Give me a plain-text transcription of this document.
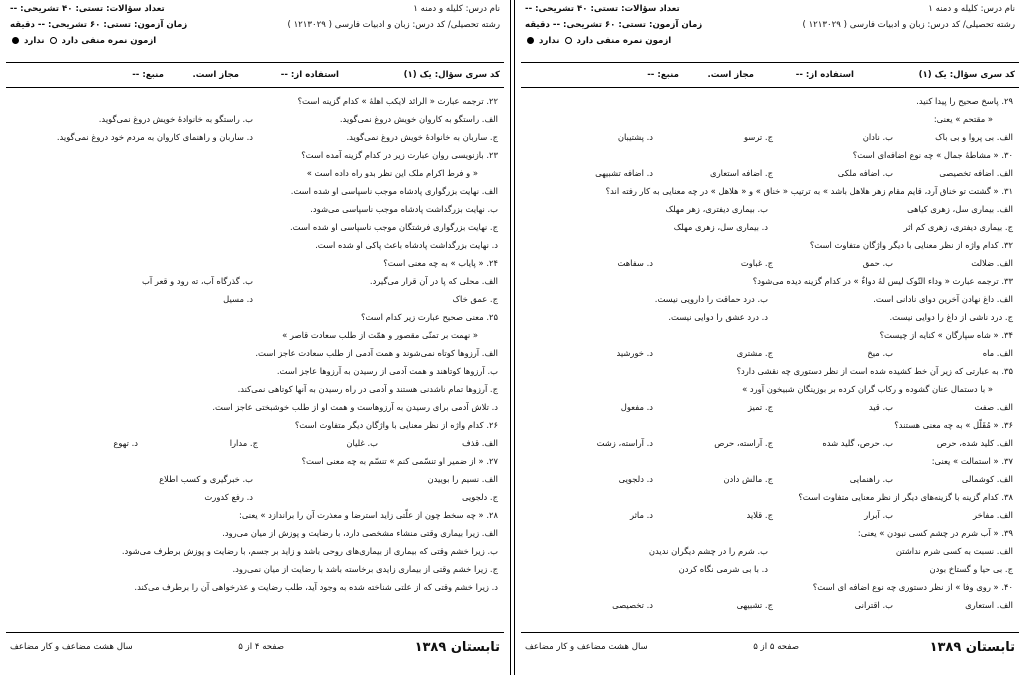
نام درس: کلیله و دمنه ۱
تعداد سؤالات: تستی: ۴۰ تشریحی: --
رشته تحصیلی/ کد درس: زبان و ادبیات فارسی ( ۱۲۱۳۰۲۹ )
زمان آزمون: تستی: ۶۰ تشریحی: -- دقیقه
ازمون نمره منفی دارد  ندارد
کد سری سؤال: یک (۱)
استفاده از: --
مجاز است.
منبع: --
۲۲. ترجمه عبارت « الرائد لایکب اهلهٔ » کدام گزینه است؟
الف. راستگو به کاروان خویش دروغ نمی‌گوید.
ب. راستگو به خانوادهٔ خویش دروغ نمی‌گوید.
ج. ساربان به خانوادهٔ خویش دروغ نمی‌گوید.
د. ساربان و راهنمای کاروان به مردم خود دروغ نمی‌گوید.
۲۳. بازنویسی روان عبارت زیر در کدام گزینه آمده است؟
« و فرط اکرام ملک این نظر بدو راه داده است »
الف. نهایت بزرگواری پادشاه موجب ناسپاسی او شده است.
ب. نهایت بزرگداشت پادشاه موجب ناسپاسی می‌شود.
ج. نهایت بزرگواری فرشتگان موجب ناسپاسی او شده است.
د. نهایت بزرگداشت پادشاه باعث پاکی او شده است.
۲۴. « پایاب » به چه معنی است؟
الف. محلی که پا در آن قرار می‌گیرد.
ب. گذرگاه آب، ته رود و قعر آب
ج. عمق خاک
د. مسیل
۲۵. معنی صحیح عبارت زیر کدام است؟
« نهمت بر تمنّی مقصور و همّت از طلب سعادت قاصر »
الف. آرزوها کوتاه نمی‌شوند و همت آدمی از طلب سعادت عاجز است.
ب. آرزوها کوتاهند و همت آدمی از رسیدن به آرزوها عاجز است.
ج. آرزوها تمام ناشدنی هستند و آدمی در راه رسیدن به آنها کوتاهی نمی‌کند.
د. تلاش آدمی برای رسیدن به آرزوهاست و همت او از طلب خوشبختی عاجز است.
۲۶. کدام واژه از نظر معنایی با واژگان دیگر متفاوت است؟
الف. قذف
ب. غلیان
ج. مدارا
د. تهوع
۲۷. « از ضمیر او تنسّمی کنم » تنسّم به چه معنی است؟
الف. نسیم را بوییدن
ب. خبرگیری و کسب اطلاع
ج. دلجویی
د. رفع کدورت
۲۸. « چه سخط چون از علّتی زاید استرضا و معذرت آن را براندازد » یعنی:
الف. زیرا بیماری وقتی منشاء مشخصی دارد، با رضایت و پوزش از میان می‌رود.
ب. زیرا خشم وقتی که بیماری از بیماری‌های روحی باشد و زاید بر جسم، با رضایت و پوزش برطرف می‌شود.
ج. زیرا خشم وقتی از بیماری زایدی برخاسته باشد با رضایت از میان نمی‌رود.
د. زیرا خشم وقتی که از علتی شناخته شده به وجود آید، طلب رضایت و عذرخواهی آن را برطرف می‌کند.
تابستان ۱۳۸۹
صفحه ۴ از ۵
سال هشت مضاعف و کار مضاعف
نام درس: کلیله و دمنه ۱
تعداد سؤالات: تستی: ۴۰ تشریحی: --
رشته تحصیلی/ کد درس: زبان و ادبیات فارسی ( ۱۲۱۳۰۲۹ )
زمان آزمون: تستی: ۶۰ تشریحی: -- دقیقه
ازمون نمره منفی دارد  ندارد
کد سری سؤال: یک (۱)
استفاده از: --
مجاز است.
منبع: --
۲۹. پاسخ صحیح را پیدا کنید.
« مقتحم » یعنی:
الف. بی پروا و بی باک
ب. نادان
ج. ترسو
د. پشتیبان
۳۰. « مشاطهٔ جمال » چه نوع اضافه‌ای است؟
الف. اضافه تخصیصی
ب. اضافه ملکی
ج. اضافه استعاری
د. اضافه تشبیهی
۳۱. « گشتت تو خناق آرد، قایم مقام زهر هلاهل باشد » به ترتیب « خناق » و « هلاهل » در چه معنایی به کار رفته اند؟
الف. بیماری سل، زهری کیاهی
ب. بیماری دیفتری، زهر مهلک
ج. بیماری دیفتری، زهری کم اثر
د. بیماری سل، زهری مهلک
۳۲. کدام واژه از نظر معنایی با دیگر واژگان متفاوت است؟
الف. ضلالت
ب. حمق
ج. غباوت
د. سفاهت
۳۳. ترجمه عبارت « وداء النّوک لیس لهٔ دواءٌ » در کدام گزینه دیده می‌شود؟
الف. داغ نهادن آخرین دوای نادانی است.
ب. درد حماقت را دارویی نیست.
ج. درد ناشی از داغ را دوایی نیست.
د. درد عشق را دوایی نیست.
۳۴. « شاه سپارگان » کنایه از چیست؟
الف. ماه
ب. میخ
ج. مشتری
د. خورشید
۳۵. به عبارتی که زیر آن خط کشیده شده است از نظر دستوری چه نقشی دارد؟
« با دستمال عنان گشوده و رکاب گران کرده بر بوزینگان شبیخون آورد »
الف. صفت
ب. قید
ج. تمیز
د. مفعول
۳۶. « مُقَلّل » به چه معنی هستند؟
الف. کلید شده، حرص
ب. حرص، گلید شده
ج. آراسته، حرص
د. آراسته، زشت
۳۷. « استمالت » یعنی:
الف. کوشمالی
ب. راهنمایی
ج. مالش دادن
د. دلجویی
۳۸. کدام گزینه با گزینه‌های دیگر از نظر معنایی متفاوت است؟
الف. مفاخر
ب. آبرار
ج. قلاید
د. ماثر
۳۹. « آب شرم در چشم کسی نبودن » یعنی:
الف. نسبت به کسی شرم نداشتن
ب. شرم را در چشم دیگران ندیدن
ج. بی حیا و گستاخ بودن
د. با بی شرمی نگاه کردن
۴۰. « روی وفا » از نظر دستوری چه نوع اضافه ای است؟
الف. استعاری
ب. اقترانی
ج. تشبیهی
د. تخصیصی
تابستان ۱۳۸۹
صفحه ۵ از ۵
سال هشت مضاعف و کار مضاعف
